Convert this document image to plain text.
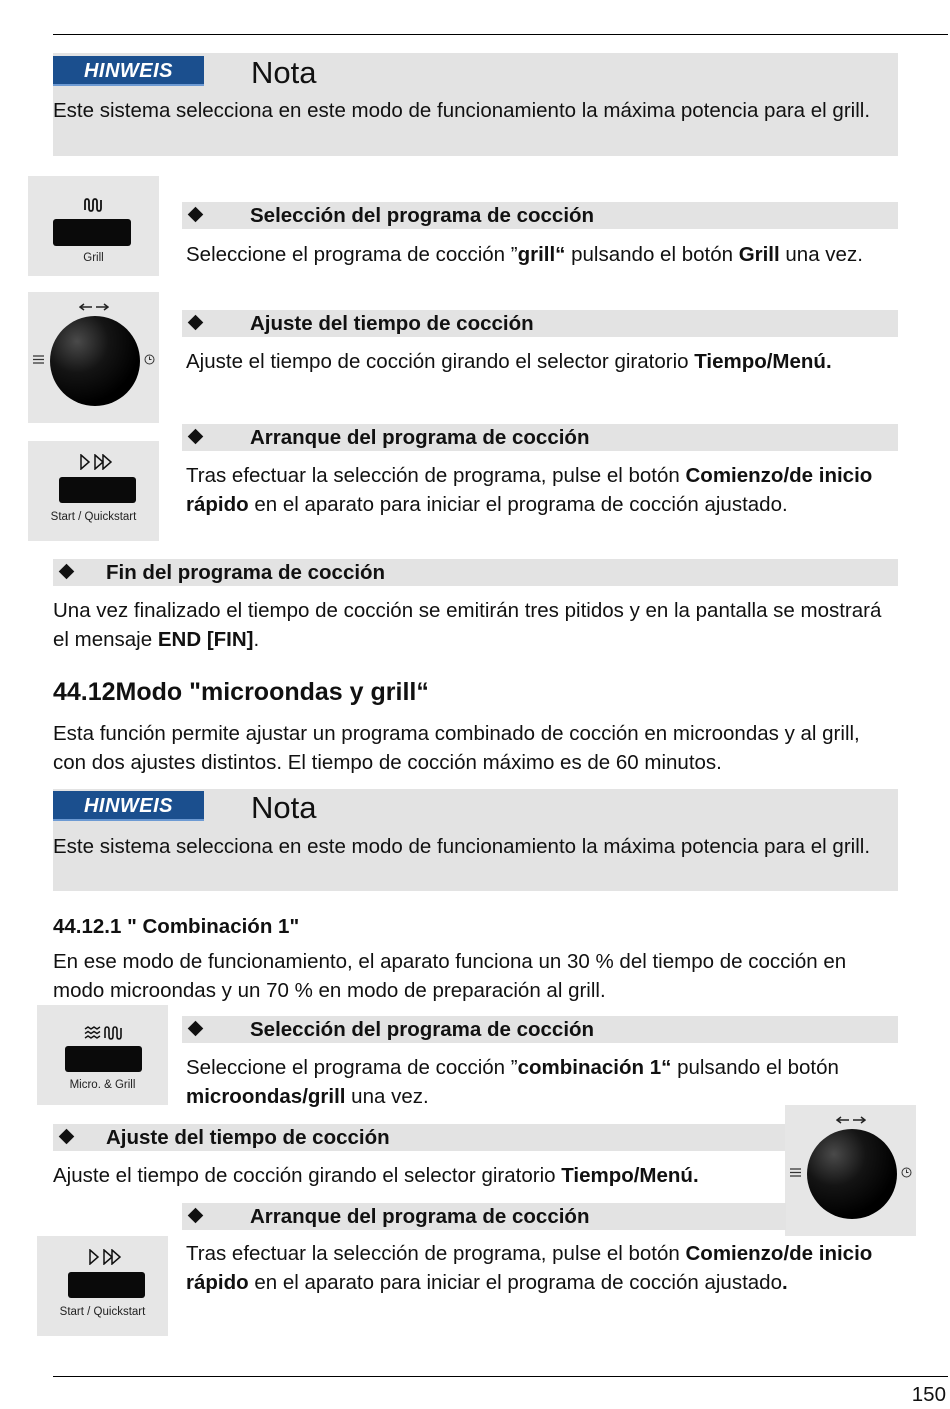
HINWEIS	Nota
Este sistema selecciona en este modo de funcionamiento la máxima potencia para el grill.
Grill
Start / Quickstart
Selección del programa de cocción
Seleccione el programa de cocción ”grill“ pulsando el botón Grill una vez.
Ajuste del tiempo de cocción
Ajuste el tiempo de cocción girando el selector giratorio Tiempo/Menú.
Arranque del programa de cocción
Tras efectuar la selección de programa, pulse el botón Comienzo/de inicio rápido en el aparato para iniciar el programa de cocción ajustado.
Fin del programa de cocción
Una vez finalizado el tiempo de cocción se emitirán tres pitidos y en la pantalla se mostrará el mensaje END [FIN].
44.12Modo "microondas y grill“
Esta función permite ajustar un programa combinado de cocción en microondas y al grill, con dos ajustes distintos. El tiempo de cocción máximo es de 60 minutos.
HINWEIS	Nota
Este sistema selecciona en este modo de funcionamiento la máxima potencia para el grill.
44.12.1 " Combinación 1"
En ese modo de funcionamiento, el aparato funciona un 30 % del tiempo de cocción en modo microondas y un 70 % en modo de preparación al grill.
Micro. & Grill
Selección del programa de cocción
Seleccione el programa de cocción ”combinación 1“ pulsando el botón microondas/grill una vez.
Ajuste del tiempo de cocción
Ajuste el tiempo de cocción girando el selector giratorio Tiempo/Menú.
Arranque del programa de cocción
Tras efectuar la selección de programa, pulse el botón Comienzo/de inicio rápido en el aparato para iniciar el programa de cocción ajustado.
Start / Quickstart
150
